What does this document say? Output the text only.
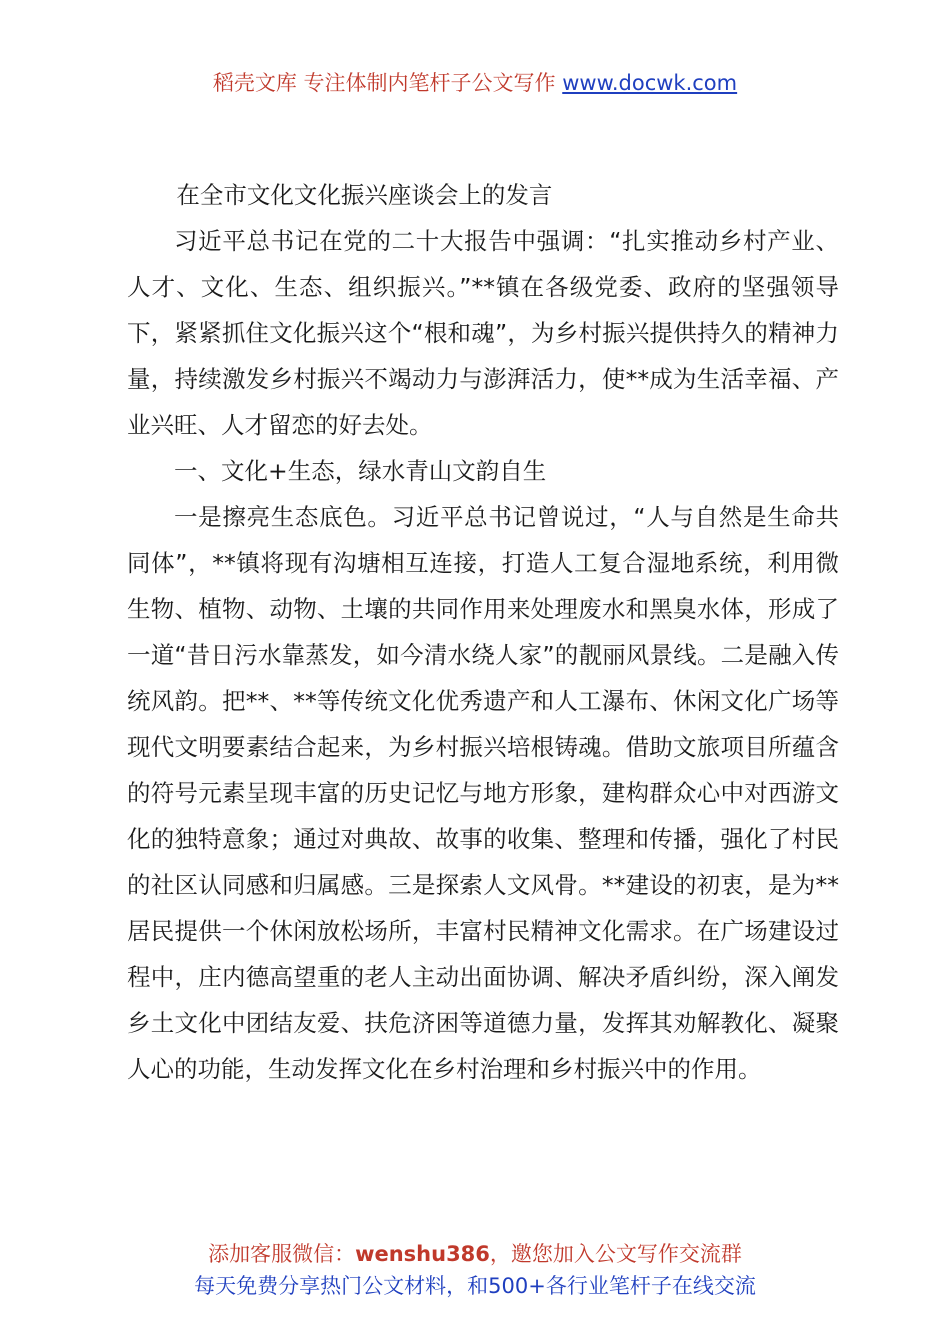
稻壳文库 专注体制内笔杆子公文写作 www.docwk.com

在全市文化文化振兴座谈会上的发言

习近平总书记在党的二十大报告中强调：“扎实推动乡村产业、人才、文化、生态、组织振兴。”**镇在各级党委、政府的坚强领导下，紧紧抓住文化振兴这个“根和魂”，为乡村振兴提供持久的精神力量，持续激发乡村振兴不竭动力与澎湃活力，使**成为生活幸福、产业兴旺、人才留恋的好去处。

一、文化+生态，绿水青山文韵自生

一是擦亮生态底色。习近平总书记曾说过，“人与自然是生命共同体”，**镇将现有沟塘相互连接，打造人工复合湿地系统，利用微生物、植物、动物、土壤的共同作用来处理废水和黑臭水体，形成了一道“昔日污水靠蒸发，如今清水绕人家”的靓丽风景线。二是融入传统风韵。把**、**等传统文化优秀遗产和人工瀑布、休闲文化广场等现代文明要素结合起来，为乡村振兴培根铸魂。借助文旅项目所蕴含的符号元素呈现丰富的历史记忆与地方形象，建构群众心中对西游文化的独特意象；通过对典故、故事的收集、整理和传播，强化了村民的社区认同感和归属感。三是探索人文风骨。**建设的初衷，是为**居民提供一个休闲放松场所，丰富村民精神文化需求。在广场建设过程中，庄内德高望重的老人主动出面协调、解决矛盾纠纷，深入阐发乡土文化中团结友爱、扶危济困等道德力量，发挥其劝解教化、凝聚人心的功能，生动发挥文化在乡村治理和乡村振兴中的作用。

添加客服微信：wenshu386，邀您加入公文写作交流群
每天免费分享热门公文材料，和500+各行业笔杆子在线交流
